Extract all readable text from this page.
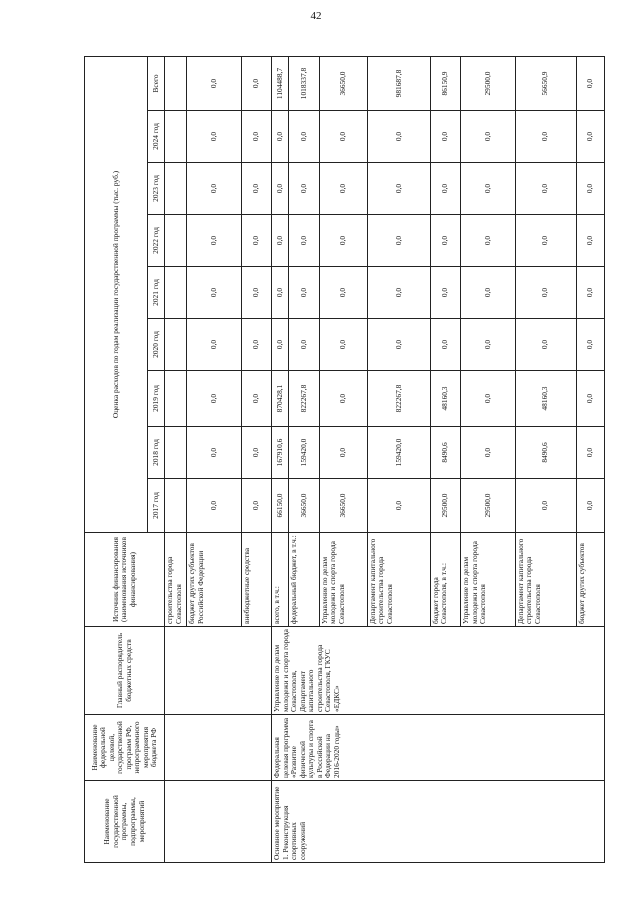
42
Наименование государственной программы, подпрограммы, мероприятий	Наименование федеральной целевой, государственной программ РФ, непрограммного мероприятия бюджета РФ	Главный распорядитель бюджетных средств	Источник финансирования (наименования источников финансирования)	Оценка расходов по годам реализации государственной программы (тыс. руб.)								
				2017 год	2018 год	2019 год	2020 год	2021 год	2022 год	2023 год	2024 год	Всего
			строительства города Севастополя									
			бюджет других субъектов Российской Федерации	0,0	0,0	0,0	0,0	0,0	0,0	0,0	0,0	0,0
			внебюджетные средства	0,0	0,0	0,0	0,0	0,0	0,0	0,0	0,0	0,0
Основное мероприятие 1. Реконструкция спортивных сооружений	Федеральная целевая программа «Развитие физической культуры и спорта в Российской Федерации на 2016-2020 годы»	Управление по делам молодежи и спорта города Севастополя, Департамент капитального строительства города Севастополя, ГКУС «ЕДКС»	всего, в т.ч.:	66150,0	167910,6	870428,1	0,0	0,0	0,0	0,0	0,0	1104488,7
			федеральный бюджет, в т.ч.:	36650,0	159420,0	822267,8	0,0	0,0	0,0	0,0	0,0	1018337,8
			Управление по делам молодежи и спорта города Севастополя	36650,0	0,0	0,0	0,0	0,0	0,0	0,0	0,0	36650,0
			Департамент капитального строительства города Севастополя	0,0	159420,0	822267,8	0,0	0,0	0,0	0,0	0,0	981687,8
			бюджет города Севастополя, в т.ч.:	29500,0	8490,6	48160,3	0,0	0,0	0,0	0,0	0,0	86150,9
			Управление по делам молодежи и спорта города Севастополя	29500,0	0,0	0,0	0,0	0,0	0,0	0,0	0,0	29500,0
			Департамент капитального строительства города Севастополя	0,0	8490,6	48160,3	0,0	0,0	0,0	0,0	0,0	56650,9
			бюджет других субъектов	0,0	0,0	0,0	0,0	0,0	0,0	0,0	0,0	0,0
